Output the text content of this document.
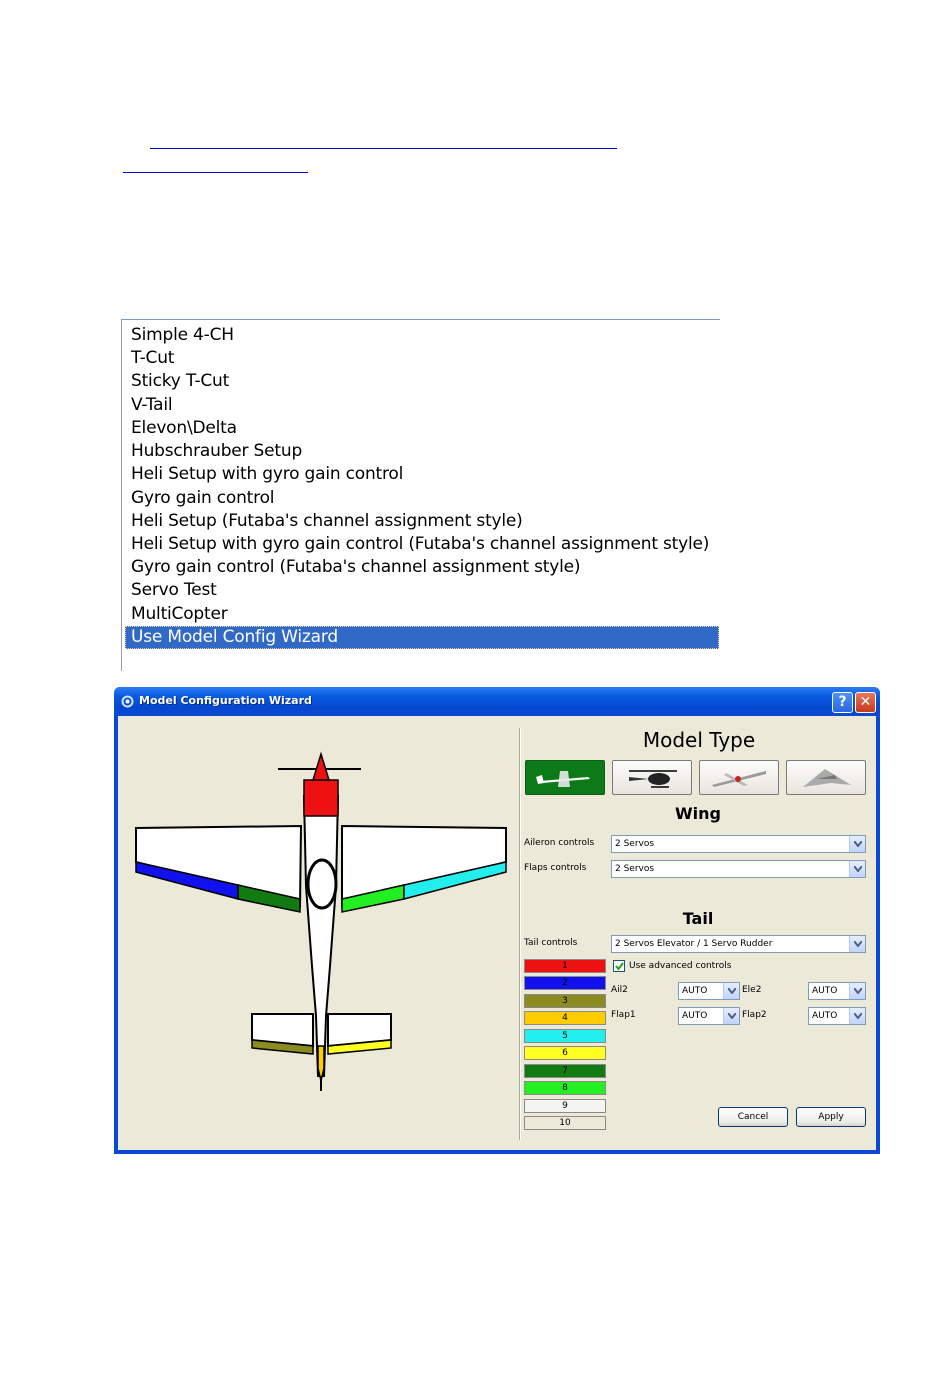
Simple 4-CH
T-Cut
Sticky T-Cut
V-Tail
Elevon\Delta
Hubschrauber Setup
Heli Setup with gyro gain control
Gyro gain control
Heli Setup (Futaba's channel assignment style)
Heli Setup with gyro gain control (Futaba's channel assignment style)
Gyro gain control (Futaba's channel assignment style)
Servo Test
MultiCopter
Use Model Config Wizard
Model Configuration Wizard	? ✕
Model Type
Wing
Aileron controls	2 Servos
Flaps controls	2 Servos
Tail
Tail controls	2 Servos Elevator / 1 Servo Rudder
Use advanced controls
Ail2	AUTO	Ele2	AUTO
Flap1	AUTO	Flap2	AUTO
1
2
3
4
5
6
7
8
9
10
Cancel	Apply
